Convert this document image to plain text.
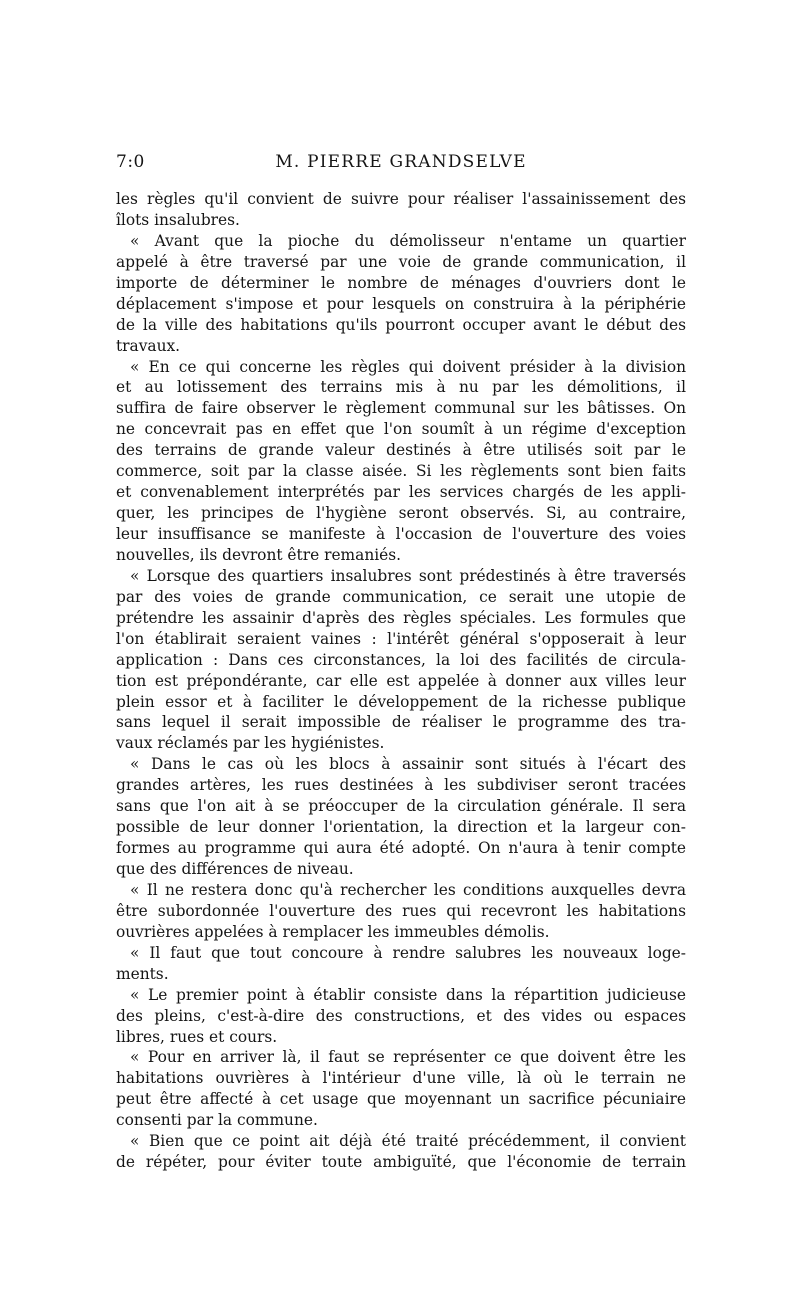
7:0	M. PIERRE GRANDSELVE
les règles qu'il convient de suivre pour réaliser l'assainissement des
îlots insalubres.
« Avant que la pioche du démolisseur n'entame un quartier
appelé à être traversé par une voie de grande communication, il
importe de déterminer le nombre de ménages d'ouvriers dont le
déplacement s'impose et pour lesquels on construira à la périphérie
de la ville des habitations qu'ils pourront occuper avant le début des
travaux.
« En ce qui concerne les règles qui doivent présider à la division
et au lotissement des terrains mis à nu par les démolitions, il
suffira de faire observer le règlement communal sur les bâtisses. On
ne concevrait pas en effet que l'on soumît à un régime d'exception
des terrains de grande valeur destinés à être utilisés soit par le
commerce, soit par la classe aisée. Si les règlements sont bien faits
et convenablement interprétés par les services chargés de les appli-
quer, les principes de l'hygiène seront observés. Si, au contraire,
leur insuffisance se manifeste à l'occasion de l'ouverture des voies
nouvelles, ils devront être remaniés.
« Lorsque des quartiers insalubres sont prédestinés à être traversés
par des voies de grande communication, ce serait une utopie de
prétendre les assainir d'après des règles spéciales. Les formules que
l'on établirait seraient vaines : l'intérêt général s'opposerait à leur
application : Dans ces circonstances, la loi des facilités de circula-
tion est prépondérante, car elle est appelée à donner aux villes leur
plein essor et à faciliter le développement de la richesse publique
sans lequel il serait impossible de réaliser le programme des tra-
vaux réclamés par les hygiénistes.
« Dans le cas où les blocs à assainir sont situés à l'écart des
grandes artères, les rues destinées à les subdiviser seront tracées
sans que l'on ait à se préoccuper de la circulation générale. Il sera
possible de leur donner l'orientation, la direction et la largeur con-
formes au programme qui aura été adopté. On n'aura à tenir compte
que des différences de niveau.
« Il ne restera donc qu'à rechercher les conditions auxquelles devra
être subordonnée l'ouverture des rues qui recevront les habitations
ouvrières appelées à remplacer les immeubles démolis.
« Il faut que tout concoure à rendre salubres les nouveaux loge-
ments.
« Le premier point à établir consiste dans la répartition judicieuse
des pleins, c'est-à-dire des constructions, et des vides ou espaces
libres, rues et cours.
« Pour en arriver là, il faut se représenter ce que doivent être les
habitations ouvrières à l'intérieur d'une ville, là où le terrain ne
peut être affecté à cet usage que moyennant un sacrifice pécuniaire
consenti par la commune.
« Bien que ce point ait déjà été traité précédemment, il convient
de répéter, pour éviter toute ambiguïté, que l'économie de terrain
